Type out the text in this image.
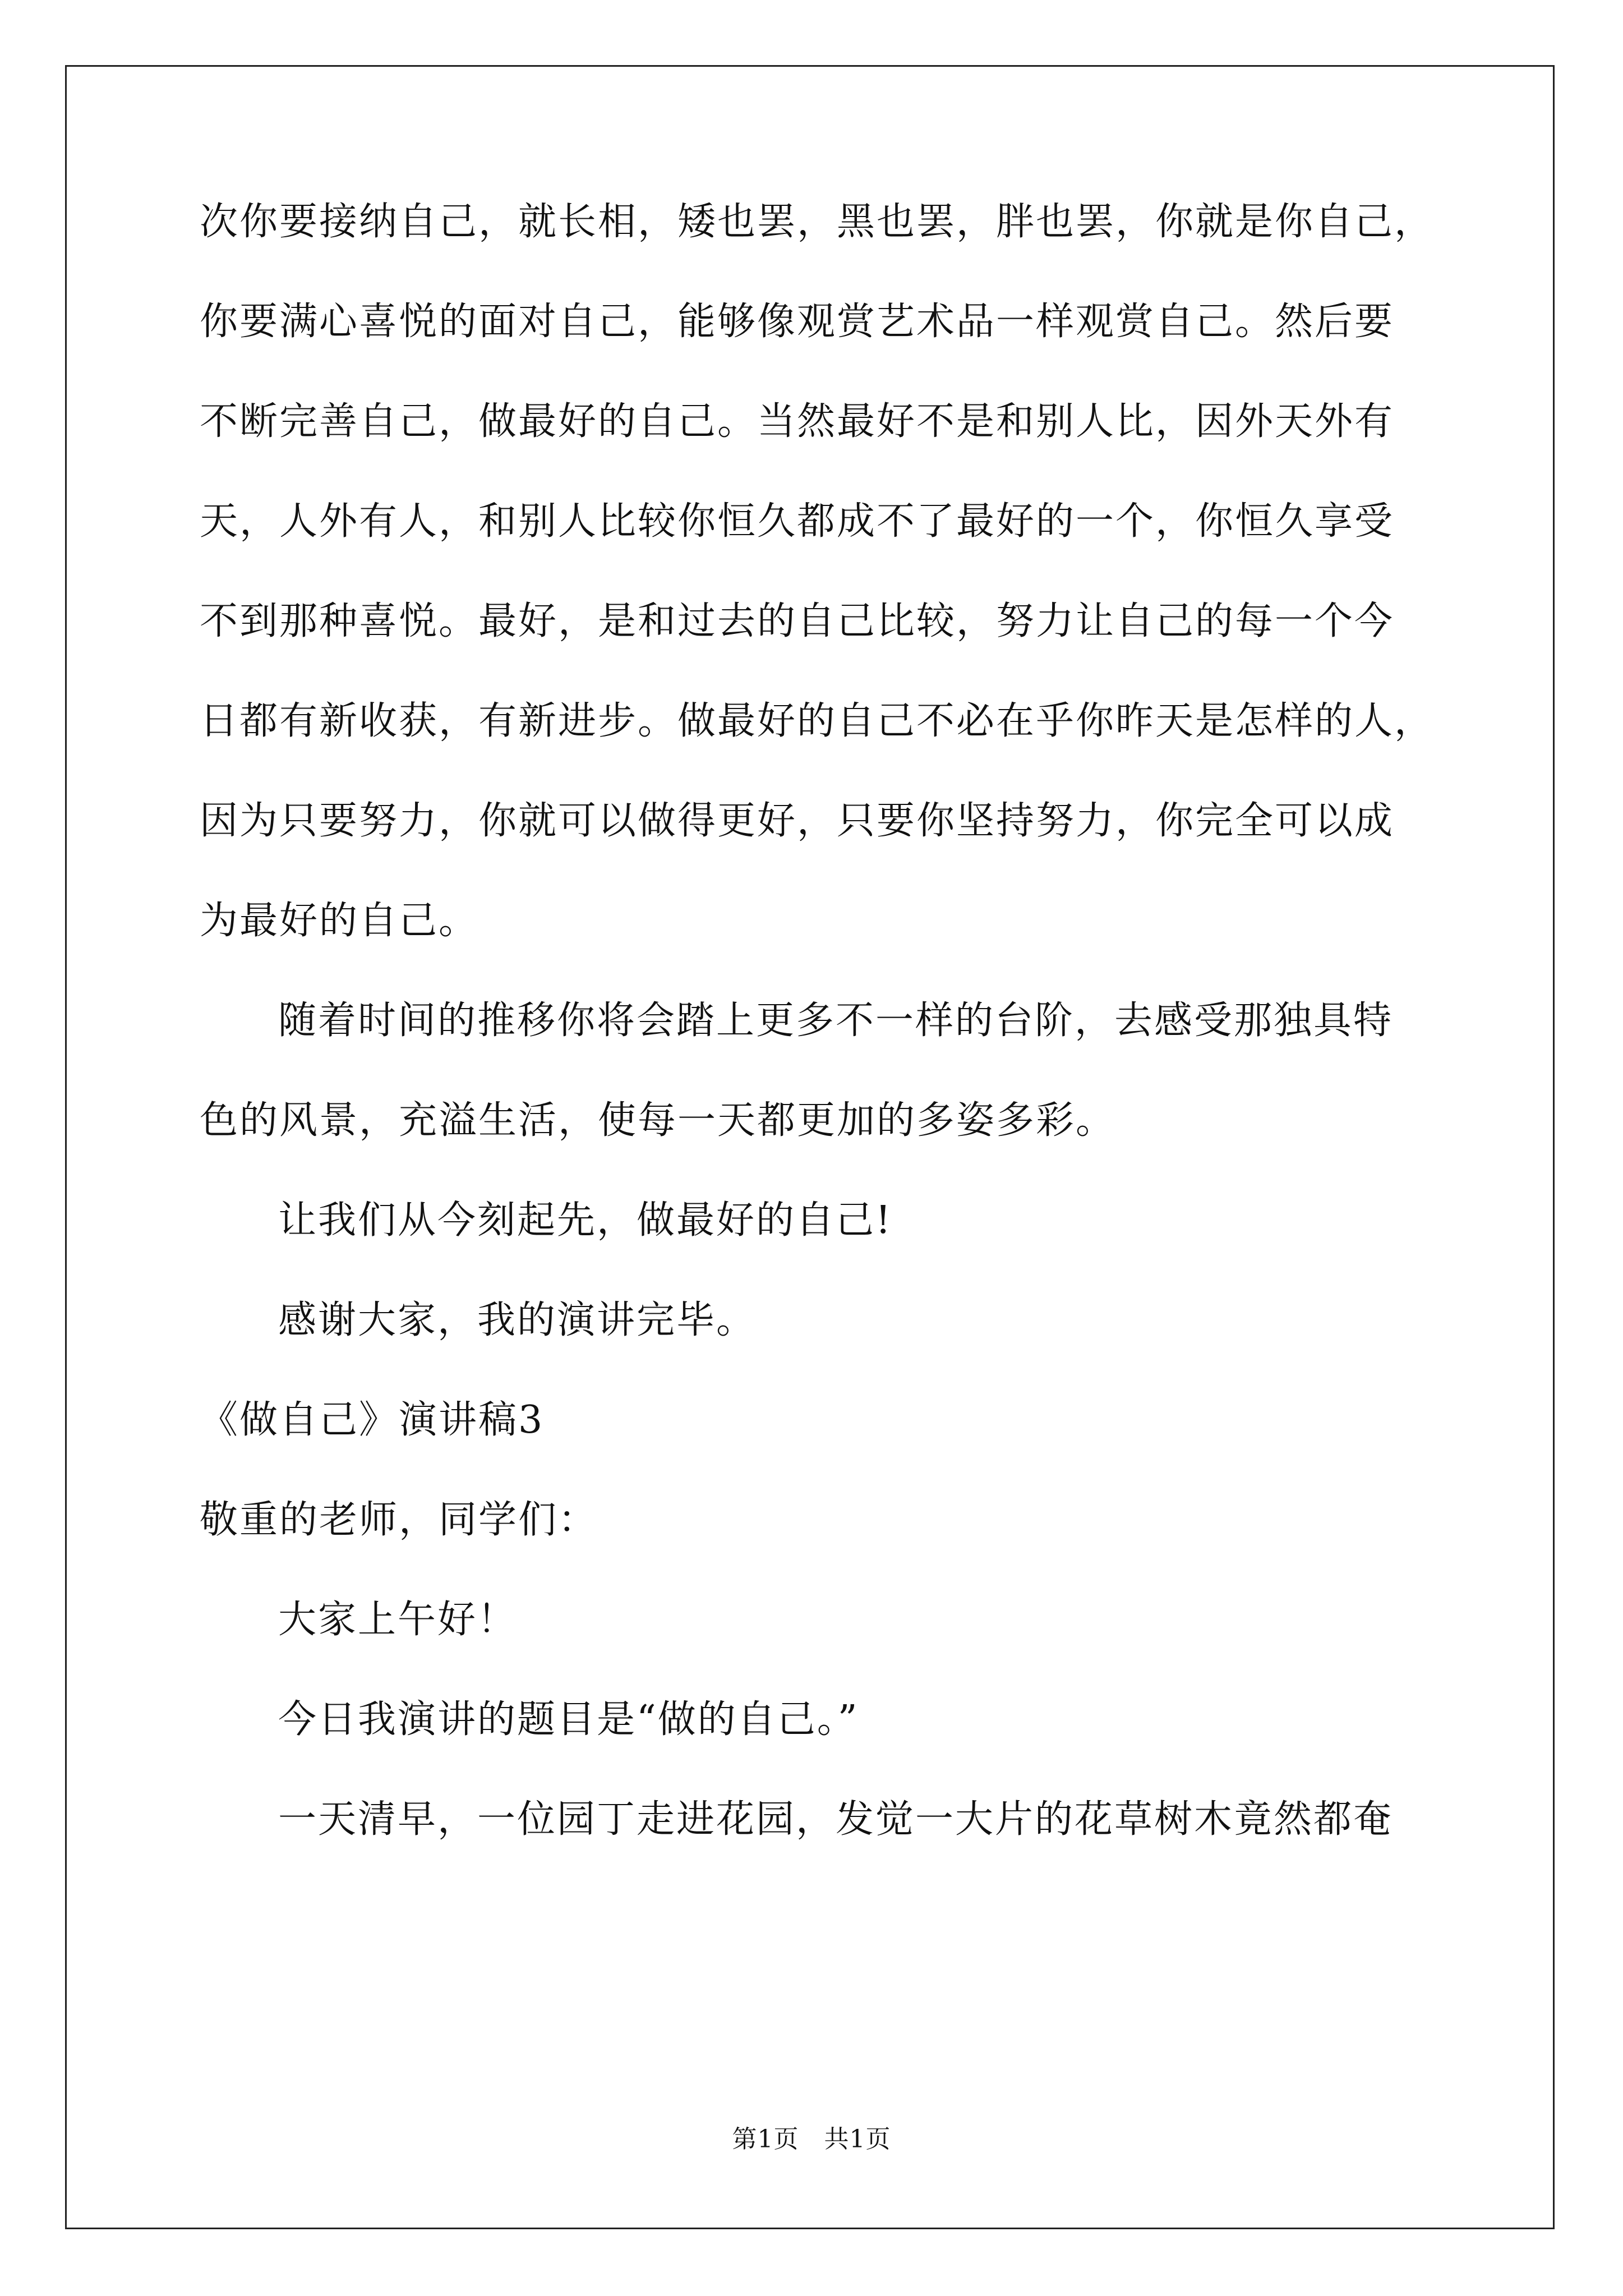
次你要接纳自己，就长相，矮也罢，黑也罢，胖也罢，你就是你自己，

你要满心喜悦的面对自己，能够像观赏艺术品一样观赏自己。然后要

不断完善自己，做最好的自己。当然最好不是和别人比，因外天外有

天，人外有人，和别人比较你恒久都成不了最好的一个，你恒久享受

不到那种喜悦。最好，是和过去的自己比较，努力让自己的每一个今

日都有新收获，有新进步。做最好的自己不必在乎你昨天是怎样的人，

因为只要努力，你就可以做得更好，只要你坚持努力，你完全可以成

为最好的自己。

随着时间的推移你将会踏上更多不一样的台阶，去感受那独具特

色的风景，充溢生活，使每一天都更加的多姿多彩。

让我们从今刻起先，做最好的自己!

感谢大家，我的演讲完毕。

《做自己》演讲稿3

敬重的老师，同学们：

大家上午好！

今日我演讲的题目是“做的自己。”

一天清早，一位园丁走进花园，发觉一大片的花草树木竟然都奄

第1页　共1页
